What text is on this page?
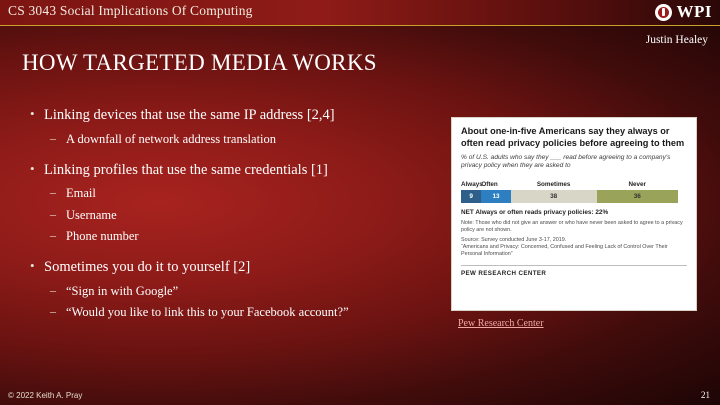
CS 3043 Social Implications Of Computing	WPI
Justin Healey
HOW TARGETED MEDIA WORKS
• Linking devices that use the same IP address [2,4]
– A downfall of network address translation
• Linking profiles that use the same credentials [1]
– Email
– Username
– Phone number
• Sometimes you do it to yourself [2]
– “Sign in with Google”
– “Would you like to link this to your Facebook account?”
About one-in-five Americans say they always or often read privacy policies before agreeing to them
% of U.S. adults who say they ___ read before agreeing to a company's privacy policy when they are asked to
Always
Often	Sometimes	Never
9	13	38	36
NET Always or often reads privacy policies: 22%
Note: Those who did not give an answer or who have never been asked to agree to a privacy policy are not shown.
Source: Survey conducted June 3-17, 2019.
“Americans and Privacy: Concerned, Confused and Feeling Lack of Control Over Their Personal Information”
PEW RESEARCH CENTER
Pew Research Center
© 2022 Keith A. Pray	21
